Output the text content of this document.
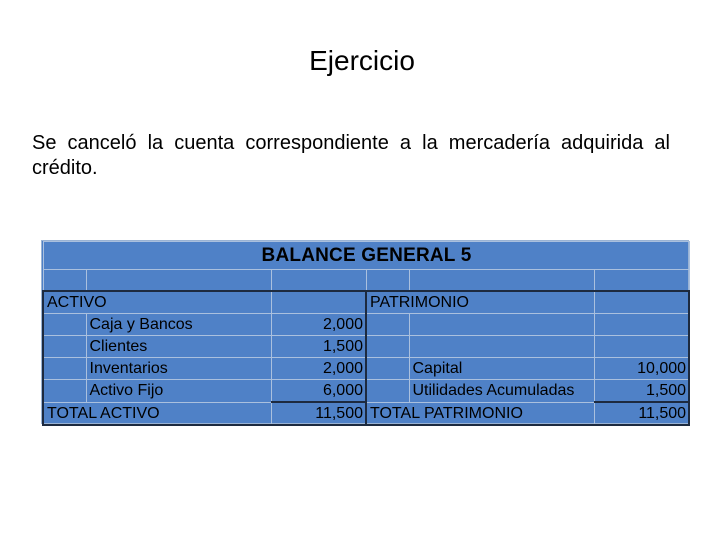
Ejercicio
Se canceló la cuenta correspondiente a la mercadería adquirida al crédito.
BALANCE GENERAL 5					

ACTIVO			PATRIMONIO		
	Caja y Bancos	2,000			
	Clientes	1,500			
	Inventarios	2,000		Capital	10,000
	Activo Fijo	6,000		Utilidades Acumuladas	1,500
TOTAL ACTIVO		11,500	TOTAL PATRIMONIO		11,500
